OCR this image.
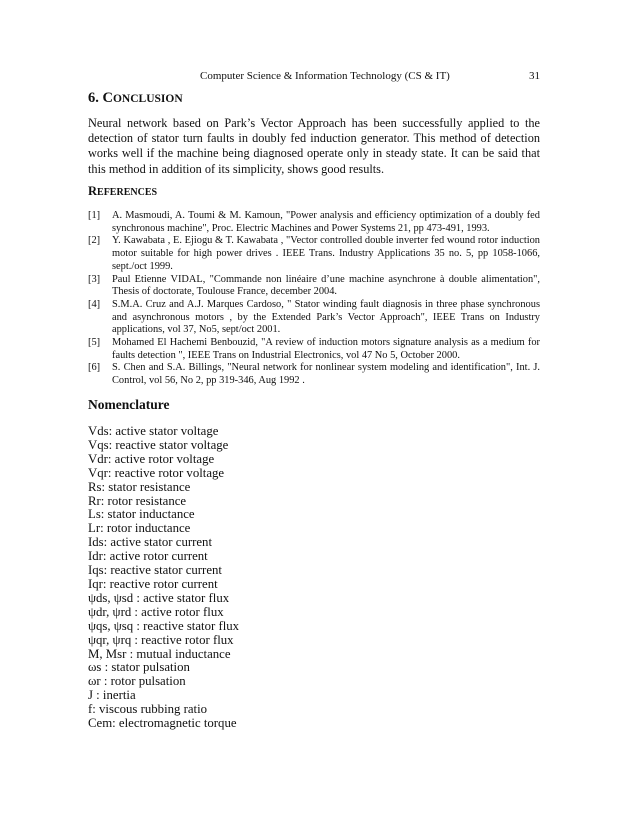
Computer Science & Information Technology (CS & IT)	31
6. CONCLUSION

Neural network based on Park’s Vector Approach has been successfully applied to the detection of stator turn faults in doubly fed induction generator. This method of detection works well if the machine being diagnosed operate only in steady state. It can be said that this method in addition of its simplicity, shows good results.

REFERENCES
[1] A. Masmoudi, A. Toumi & M. Kamoun, "Power analysis and efficiency optimization of a doubly fed synchronous machine", Proc. Electric Machines and Power Systems 21, pp 473-491, 1993.
[2] Y. Kawabata , E. Ejiogu & T. Kawabata , "Vector controlled double inverter fed wound rotor induction motor suitable for high power drives . IEEE Trans. Industry Applications 35 no. 5, pp 1058-1066, sept./oct 1999.
[3] Paul Etienne VIDAL, "Commande non linéaire d’une machine asynchrone à double alimentation", Thesis of doctorate, Toulouse France, december 2004.
[4] S.M.A. Cruz and A.J. Marques Cardoso, " Stator winding fault diagnosis in three phase synchronous and asynchronous motors , by the Extended Park’s Vector Approach", IEEE Trans on Industry applications, vol 37, No5, sept/oct 2001.
[5] Mohamed El Hachemi Benbouzid, "A review of induction motors signature analysis as a medium for faults detection ", IEEE Trans on Industrial Electronics, vol 47 No 5, October 2000.
[6] S. Chen and S.A. Billings, "Neural network for nonlinear system modeling and identification", Int. J. Control, vol 56, No 2, pp 319-346, Aug 1992 .
Nomenclature
Vds: active stator voltage
Vqs: reactive stator voltage
Vdr: active rotor voltage
Vqr: reactive rotor voltage
Rs: stator resistance
Rr: rotor resistance
Ls: stator inductance
Lr: rotor inductance
Ids: active stator current
Idr: active rotor current
Iqs: reactive stator current
Iqr: reactive rotor current
ψds, ψsd : active stator flux
ψdr, ψrd : active rotor flux
ψqs, ψsq : reactive stator flux
ψqr, ψrq : reactive rotor flux
M, Msr : mutual inductance
ωs : stator pulsation
ωr : rotor pulsation
J : inertia
f: viscous rubbing ratio
Cem: electromagnetic torque
